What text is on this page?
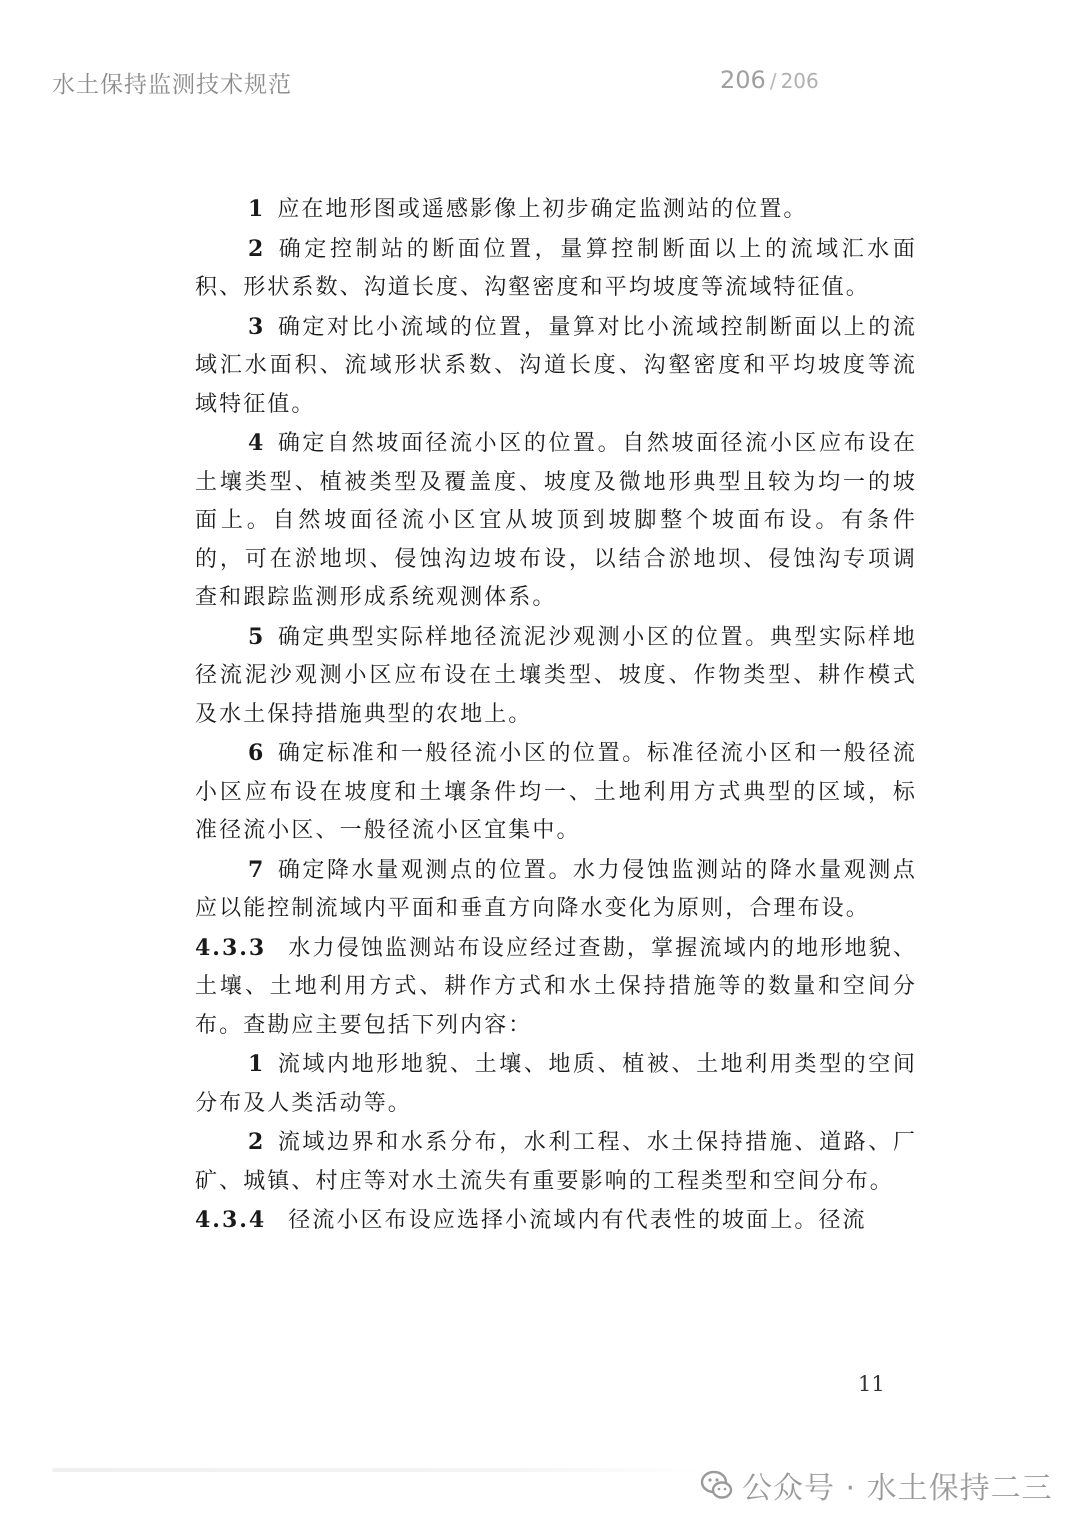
水土保持监测技术规范	206 / 206

1 应在地形图或遥感影像上初步确定监测站的位置。

2 确定控制站的断面位置，量算控制断面以上的流域汇水面积、形状系数、沟道长度、沟壑密度和平均坡度等流域特征值。

3 确定对比小流域的位置，量算对比小流域控制断面以上的流域汇水面积、流域形状系数、沟道长度、沟壑密度和平均坡度等流域特征值。

4 确定自然坡面径流小区的位置。自然坡面径流小区应布设在土壤类型、植被类型及覆盖度、坡度及微地形典型且较为均一的坡面上。自然坡面径流小区宜从坡顶到坡脚整个坡面布设。有条件的，可在淤地坝、侵蚀沟边坡布设，以结合淤地坝、侵蚀沟专项调查和跟踪监测形成系统观测体系。

5 确定典型实际样地径流泥沙观测小区的位置。典型实际样地径流泥沙观测小区应布设在土壤类型、坡度、作物类型、耕作模式及水土保持措施典型的农地上。

6 确定标准和一般径流小区的位置。标准径流小区和一般径流小区应布设在坡度和土壤条件均一、土地利用方式典型的区域，标准径流小区、一般径流小区宜集中。

7 确定降水量观测点的位置。水力侵蚀监测站的降水量观测点应以能控制流域内平面和垂直方向降水变化为原则，合理布设。

4.3.3 水力侵蚀监测站布设应经过查勘，掌握流域内的地形地貌、土壤、土地利用方式、耕作方式和水土保持措施等的数量和空间分布。查勘应主要包括下列内容：

1 流域内地形地貌、土壤、地质、植被、土地利用类型的空间分布及人类活动等。

2 流域边界和水系分布，水利工程、水土保持措施、道路、厂矿、城镇、村庄等对水土流失有重要影响的工程类型和空间分布。

4.3.4 径流小区布设应选择小流域内有代表性的坡面上。径流

11
公众号 · 水土保持二三
